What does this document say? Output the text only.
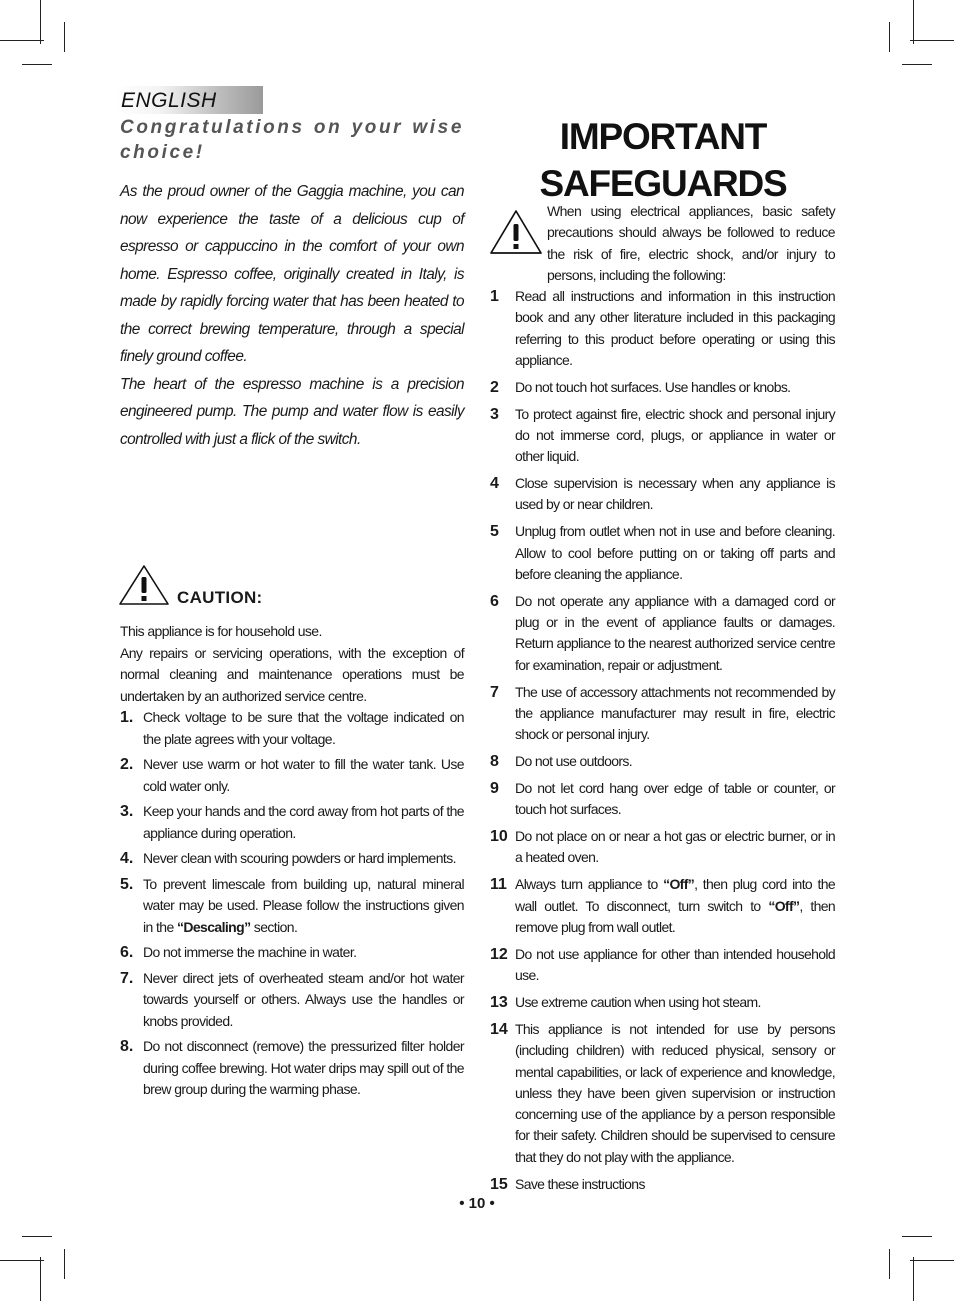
ENGLISH
Congratulations on your wise choice!

As the proud owner of the Gaggia machine, you can now experience the taste of a delicious cup of espresso or cappuccino in the comfort of your own home. Espresso coffee, originally created in Italy, is made by rapidly forcing water that has been heated to the correct brewing temperature, through a special finely ground coffee.

The heart of the espresso machine is a precision engineered pump. The pump and water flow is easily controlled with just a flick of the switch.

CAUTION:

This appliance is for household use.

Any repairs or servicing operations, with the exception of normal cleaning and maintenance operations must be undertaken by an authorized service centre.

1. Check voltage to be sure that the voltage indicated on the plate agrees with your voltage.
2. Never use warm or hot water to fill the water tank. Use cold water only.
3. Keep your hands and the cord away from hot parts of the appliance during operation.
4. Never clean with scouring powders or hard implements.
5. To prevent limescale from building up, natural mineral water may be used. Please follow the instructions given in the “Descaling” section.
6. Do not immerse the machine in water.
7. Never direct jets of overheated steam and/or hot water towards yourself or others. Always use the handles or knobs provided.
8. Do not disconnect (remove) the pressurized filter holder during coffee brewing. Hot water drips may spill out of the brew group during the warming phase.
IMPORTANT
SAFEGUARDS
When using electrical appliances, basic safety precautions should always be followed to reduce the risk of fire, electric shock, and/or injury to persons, including the following:
1 Read all instructions and information in this instruction book and any other literature included in this packaging referring to this product before operating or using this appliance.
2 Do not touch hot surfaces. Use handles or knobs.
3 To protect against fire, electric shock and personal injury do not immerse cord, plugs, or appliance in water or other liquid.
4 Close supervision is necessary when any appliance is used by or near children.
5 Unplug from outlet when not in use and before cleaning. Allow to cool before putting on or taking off parts and before cleaning the appliance.
6 Do not operate any appliance with a damaged cord or plug or in the event of appliance faults or damages. Return appliance to the nearest authorized service centre for examination, repair or adjustment.
7 The use of accessory attachments not recommended by the appliance manufacturer may result in fire, electric shock or personal injury.
8 Do not use outdoors.
9 Do not let cord hang over edge of table or counter, or touch hot surfaces.
10 Do not place on or near a hot gas or electric burner, or in a heated oven.
11 Always turn appliance to “Off”, then plug cord into the wall outlet. To disconnect, turn switch to “Off”, then remove plug from wall outlet.
12 Do not use appliance for other than intended household use.
13 Use extreme caution when using hot steam.
14 This appliance is not intended for use by persons (including children) with reduced physical, sensory or mental capabilities, or lack of experience and knowledge, unless they have been given supervision or instruction concerning use of the appliance by a person responsible for their safety. Children should be supervised to censure that they do not play with the appliance.
15 Save these instructions
• 10 •
